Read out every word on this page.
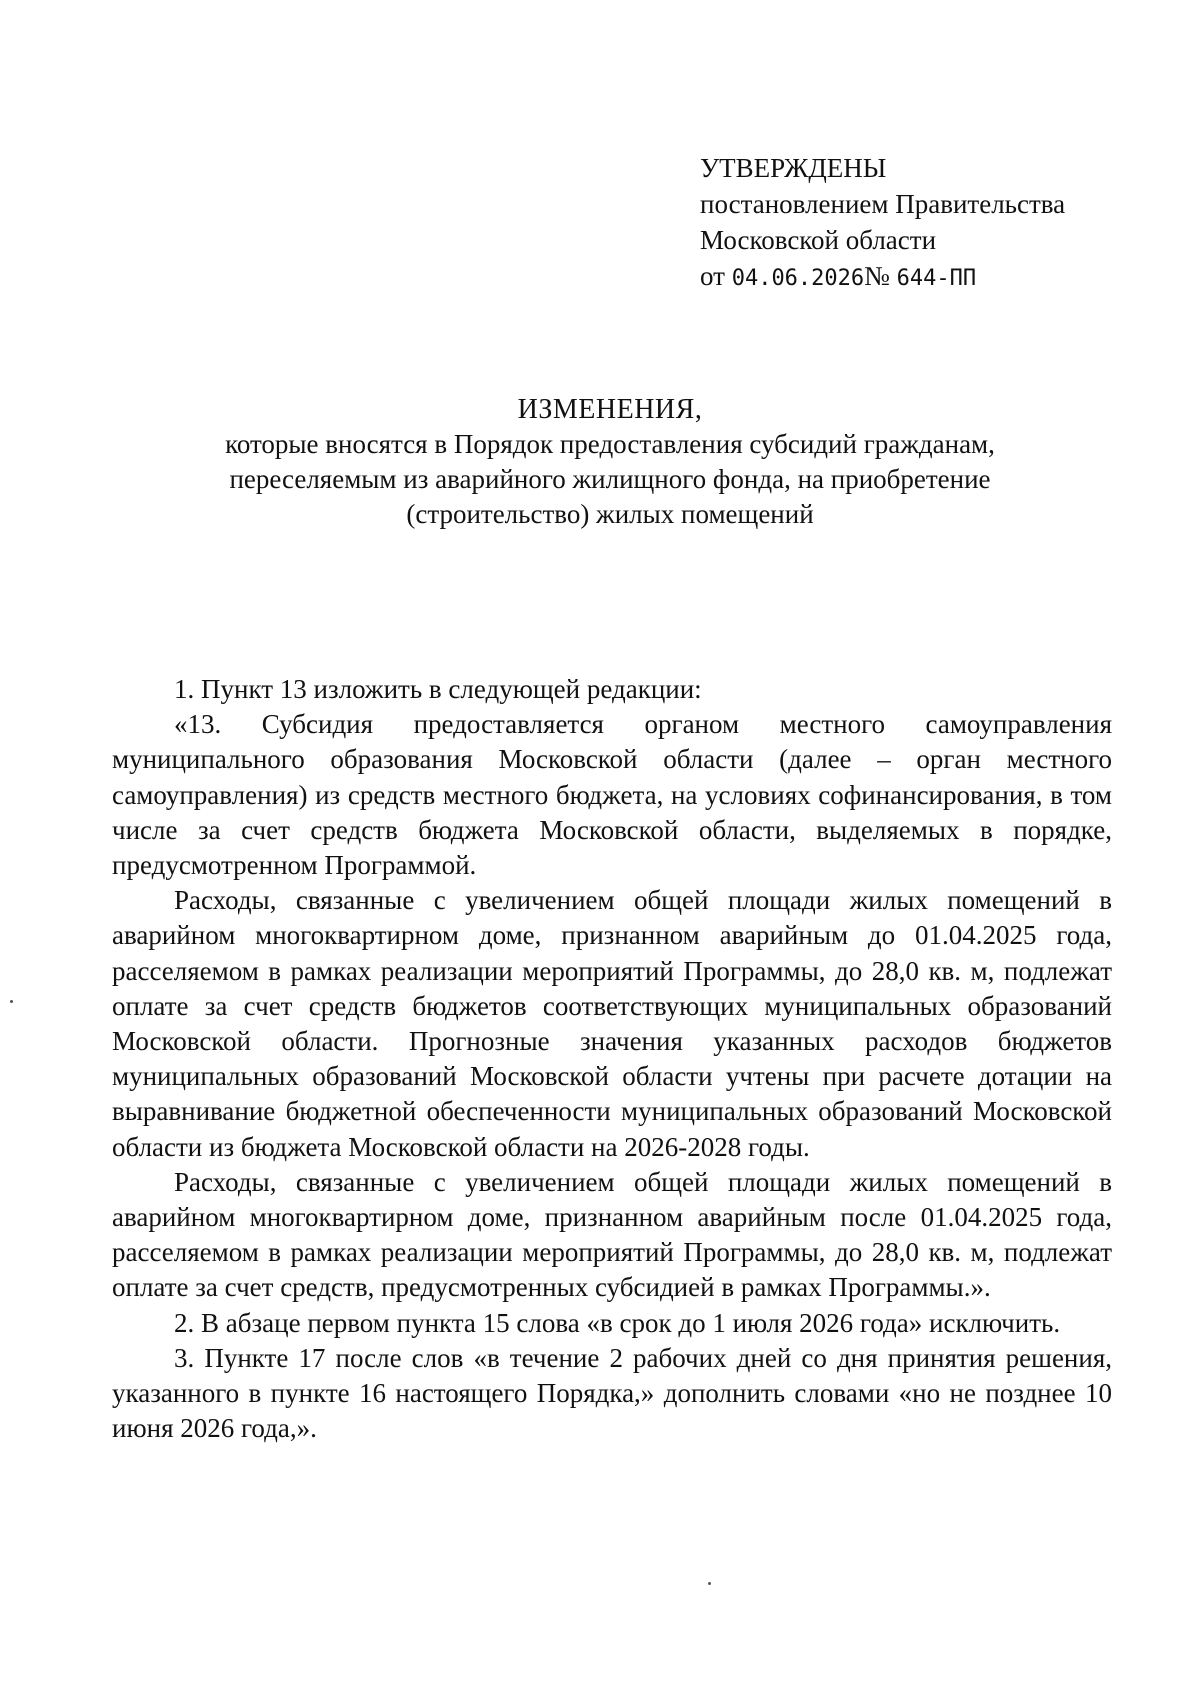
УТВЕРЖДЕНЫ
постановлением Правительства
Московской области
от 04.06.2026№ 644-ПП
ИЗМЕНЕНИЯ,
которые вносятся в Порядок предоставления субсидий гражданам,
переселяемым из аварийного жилищного фонда, на приобретение
(строительство) жилых помещений

1. Пункт 13 изложить в следующей редакции:

«13. Субсидия предоставляется органом местного самоуправления муниципального образования Московской области (далее – орган местного самоуправления) из средств местного бюджета, на условиях софинансирования, в том числе за счет средств бюджета Московской области, выделяемых в порядке, предусмотренном Программой.

Расходы, связанные с увеличением общей площади жилых помещений в аварийном многоквартирном доме, признанном аварийным до 01.04.2025 года, расселяемом в рамках реализации мероприятий Программы, до 28,0 кв. м, подлежат оплате за счет средств бюджетов соответствующих муниципальных образований Московской области. Прогнозные значения указанных расходов бюджетов муниципальных образований Московской области учтены при расчете дотации на выравнивание бюджетной обеспеченности муниципальных образований Московской области из бюджета Московской области на 2026-2028 годы.

Расходы, связанные с увеличением общей площади жилых помещений в аварийном многоквартирном доме, признанном аварийным после 01.04.2025 года, расселяемом в рамках реализации мероприятий Программы, до 28,0 кв. м, подлежат оплате за счет средств, предусмотренных субсидией в рамках Программы.».

2. В абзаце первом пункта 15 слова «в срок до 1 июля 2026 года» исключить.

3. Пункте 17 после слов «в течение 2 рабочих дней со дня принятия решения, указанного в пункте 16 настоящего Порядка,» дополнить словами «но не позднее 10 июня 2026 года,».
